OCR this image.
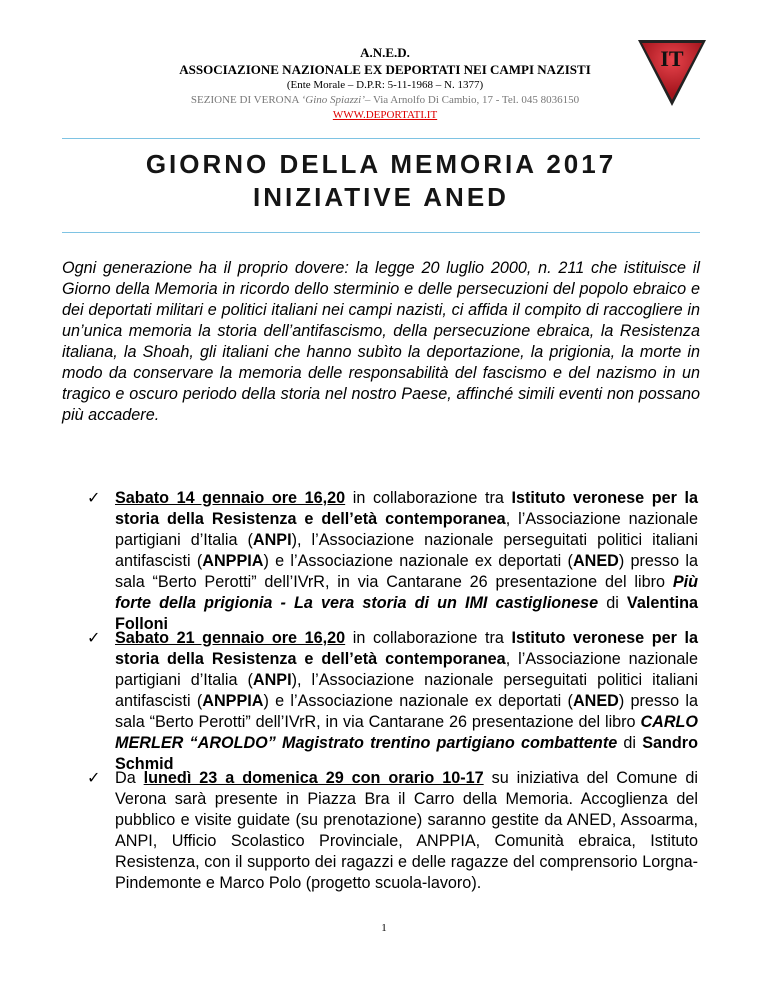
A.N.E.D.
ASSOCIAZIONE NAZIONALE EX DEPORTATI NEI CAMPI NAZISTI
(Ente Morale – D.P.R: 5-11-1968 – N. 1377)
SEZIONE DI VERONA ‘Gino Spiazzi’– Via Arnolfo Di Cambio, 17 - Tel. 045 8036150
WWW.DEPORTATI.IT
IT
GIORNO DELLA MEMORIA 2017
INIZIATIVE ANED
Ogni generazione ha il proprio dovere: la legge 20 luglio 2000, n. 211 che istituisce il Giorno della Memoria in ricordo dello sterminio e delle persecuzioni del popolo ebraico e dei deportati militari e politici italiani nei campi nazisti, ci affida il compito di raccogliere in un’unica memoria la storia dell’antifascismo, della persecuzione ebraica, la Resistenza italiana, la Shoah, gli italiani che hanno subìto la deportazione, la prigionia, la morte in modo da conservare la memoria delle responsabilità del fascismo e del nazismo in un tragico e oscuro periodo della storia nel nostro Paese, affinché simili eventi non possano più accadere.
✓ Sabato 14 gennaio ore 16,20 in collaborazione tra Istituto veronese per la storia della Resistenza e dell’età contemporanea, l’Associazione nazionale partigiani d’Italia (ANPI), l’Associazione nazionale perseguitati politici italiani antifascisti (ANPPIA) e l’Associazione nazionale ex deportati (ANED) presso la sala “Berto Perotti” dell’IVrR, in via Cantarane 26 presentazione del libro Più forte della prigionia - La vera storia di un IMI castiglionese di Valentina Folloni
✓ Sabato 21 gennaio ore 16,20 in collaborazione tra Istituto veronese per la storia della Resistenza e dell’età contemporanea, l’Associazione nazionale partigiani d’Italia (ANPI), l’Associazione nazionale perseguitati politici italiani antifascisti (ANPPIA) e l’Associazione nazionale ex deportati (ANED) presso la sala “Berto Perotti” dell’IVrR, in via Cantarane 26 presentazione del libro CARLO MERLER “AROLDO” Magistrato trentino partigiano combattente di Sandro Schmid
✓ Da lunedì 23 a domenica 29 con orario 10-17 su iniziativa del Comune di Verona sarà presente in Piazza Bra il Carro della Memoria. Accoglienza del pubblico e visite guidate (su prenotazione) saranno gestite da ANED, Assoarma, ANPI, Ufficio Scolastico Provinciale, ANPPIA, Comunità ebraica, Istituto Resistenza, con il supporto dei ragazzi e delle ragazze del comprensorio Lorgna-Pindemonte e Marco Polo (progetto scuola-lavoro).
1
